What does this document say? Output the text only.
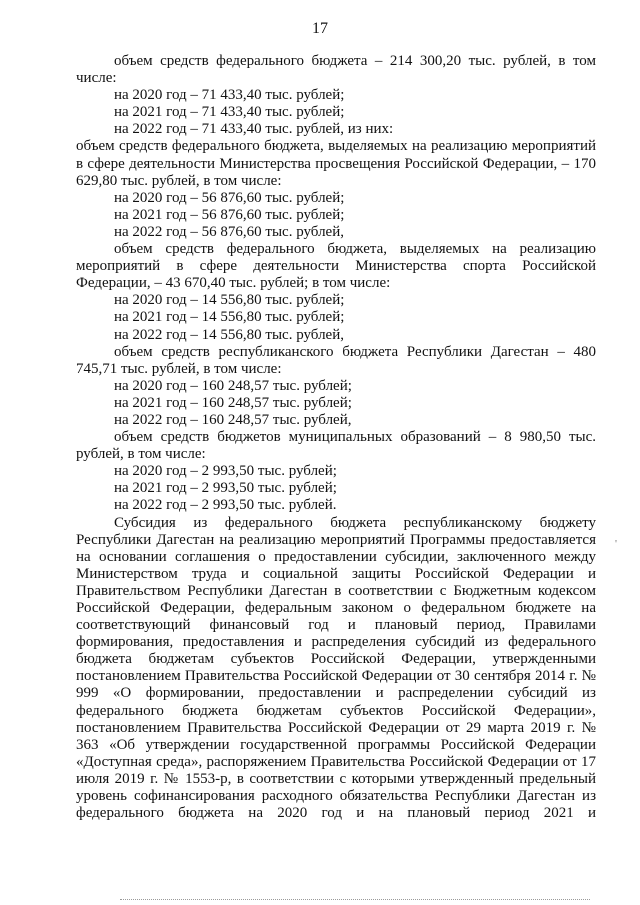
17

объем средств федерального бюджета – 214 300,20 тыс. рублей, в том числе:

на 2020 год – 71 433,40 тыс. рублей;

на 2021 год – 71 433,40 тыс. рублей;

на 2022 год – 71 433,40 тыс. рублей, из них:

объем средств федерального бюджета, выделяемых на реализацию мероприятий в сфере деятельности Министерства просвещения Российской Федерации, – 170 629,80 тыс. рублей, в том числе:

на 2020 год – 56 876,60 тыс. рублей;

на 2021 год – 56 876,60 тыс. рублей;

на 2022 год – 56 876,60 тыс. рублей,

объем средств федерального бюджета, выделяемых на реализацию мероприятий в сфере деятельности Министерства спорта Российской Федерации, – 43 670,40 тыс. рублей; в том числе:

на 2020 год – 14 556,80 тыс. рублей;

на 2021 год – 14 556,80 тыс. рублей;

на 2022 год – 14 556,80 тыс. рублей,

объем средств республиканского бюджета Республики Дагестан – 480 745,71 тыс. рублей, в том числе:

на 2020 год – 160 248,57 тыс. рублей;

на 2021 год – 160 248,57 тыс. рублей;

на 2022 год – 160 248,57 тыс. рублей,

объем средств бюджетов муниципальных образований – 8 980,50 тыс. рублей, в том числе:

на 2020 год – 2 993,50 тыс. рублей;

на 2021 год – 2 993,50 тыс. рублей;

на 2022 год – 2 993,50 тыс. рублей.

Субсидия из федерального бюджета республиканскому бюджету Республики Дагестан на реализацию мероприятий Программы предоставляется на основании соглашения о предоставлении субсидии, заключенного между Министерством труда и социальной защиты Российской Федерации и Правительством Республики Дагестан в соответствии с Бюджетным кодексом Российской Федерации, федеральным законом о федеральном бюджете на соответствующий финансовый год и плановый период, Правилами формирования, предоставления и распределения субсидий из федерального бюджета бюджетам субъектов Российской Федерации, утвержденными постановлением Правительства Российской Федерации от 30 сентября 2014 г. № 999 «О формировании, предоставлении и распределении субсидий из федерального бюджета бюджетам субъектов Российской Федерации», постановлением Правительства Российской Федерации от 29 марта 2019 г. № 363 «Об утверждении государственной программы Российской Федерации «Доступная среда», распоряжением Правительства Российской Федерации от 17 июля 2019 г. № 1553-р, в соответствии с которыми утвержденный предельный уровень софинансирования расходного обязательства Республики Дагестан из федерального бюджета на 2020 год и на плановый период 2021 и

'
